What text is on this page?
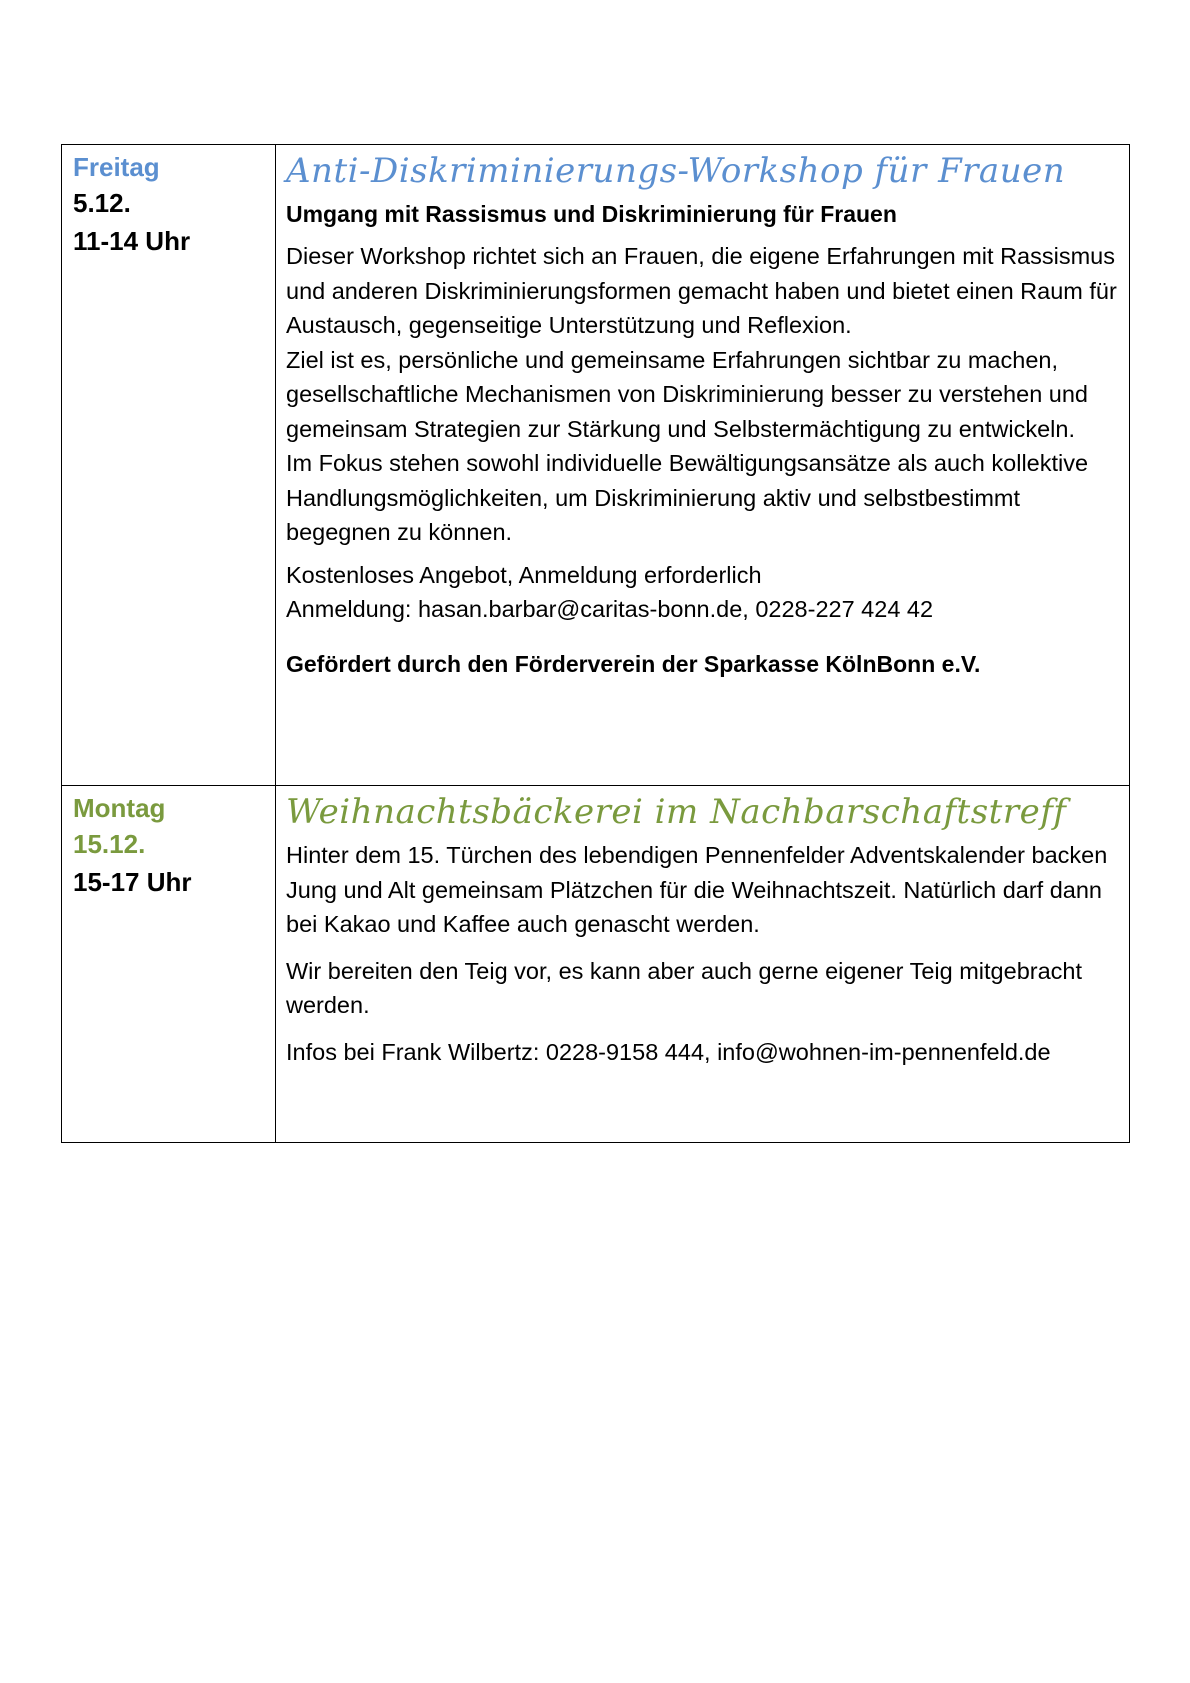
Freitag
5.12.
11-14 Uhr
Anti-Diskriminierungs-Workshop für Frauen
Umgang mit Rassismus und Diskriminierung für Frauen
Dieser Workshop richtet sich an Frauen, die eigene Erfahrungen mit Rassismus und anderen Diskriminierungsformen gemacht haben und bietet einen Raum für Austausch, gegenseitige Unterstützung und Reflexion.
Ziel ist es, persönliche und gemeinsame Erfahrungen sichtbar zu machen, gesellschaftliche Mechanismen von Diskriminierung besser zu verstehen und gemeinsam Strategien zur Stärkung und Selbstermächtigung zu entwickeln.
Im Fokus stehen sowohl individuelle Bewältigungsansätze als auch kollektive Handlungsmöglichkeiten, um Diskriminierung aktiv und selbstbestimmt begegnen zu können.
Kostenloses Angebot, Anmeldung erforderlich
Anmeldung: hasan.barbar@caritas-bonn.de, 0228-227 424 42
Gefördert durch den Förderverein der Sparkasse KölnBonn e.V.
Montag
15.12.
15-17 Uhr
Weihnachtsbäckerei im Nachbarschaftstreff
Hinter dem 15. Türchen des lebendigen Pennenfelder Adventskalender backen Jung und Alt gemeinsam Plätzchen für die Weihnachtszeit. Natürlich darf dann bei Kakao und Kaffee auch genascht werden.
Wir bereiten den Teig vor, es kann aber auch gerne eigener Teig mitgebracht werden.
Infos bei Frank Wilbertz: 0228-9158 444, info@wohnen-im-pennenfeld.de
